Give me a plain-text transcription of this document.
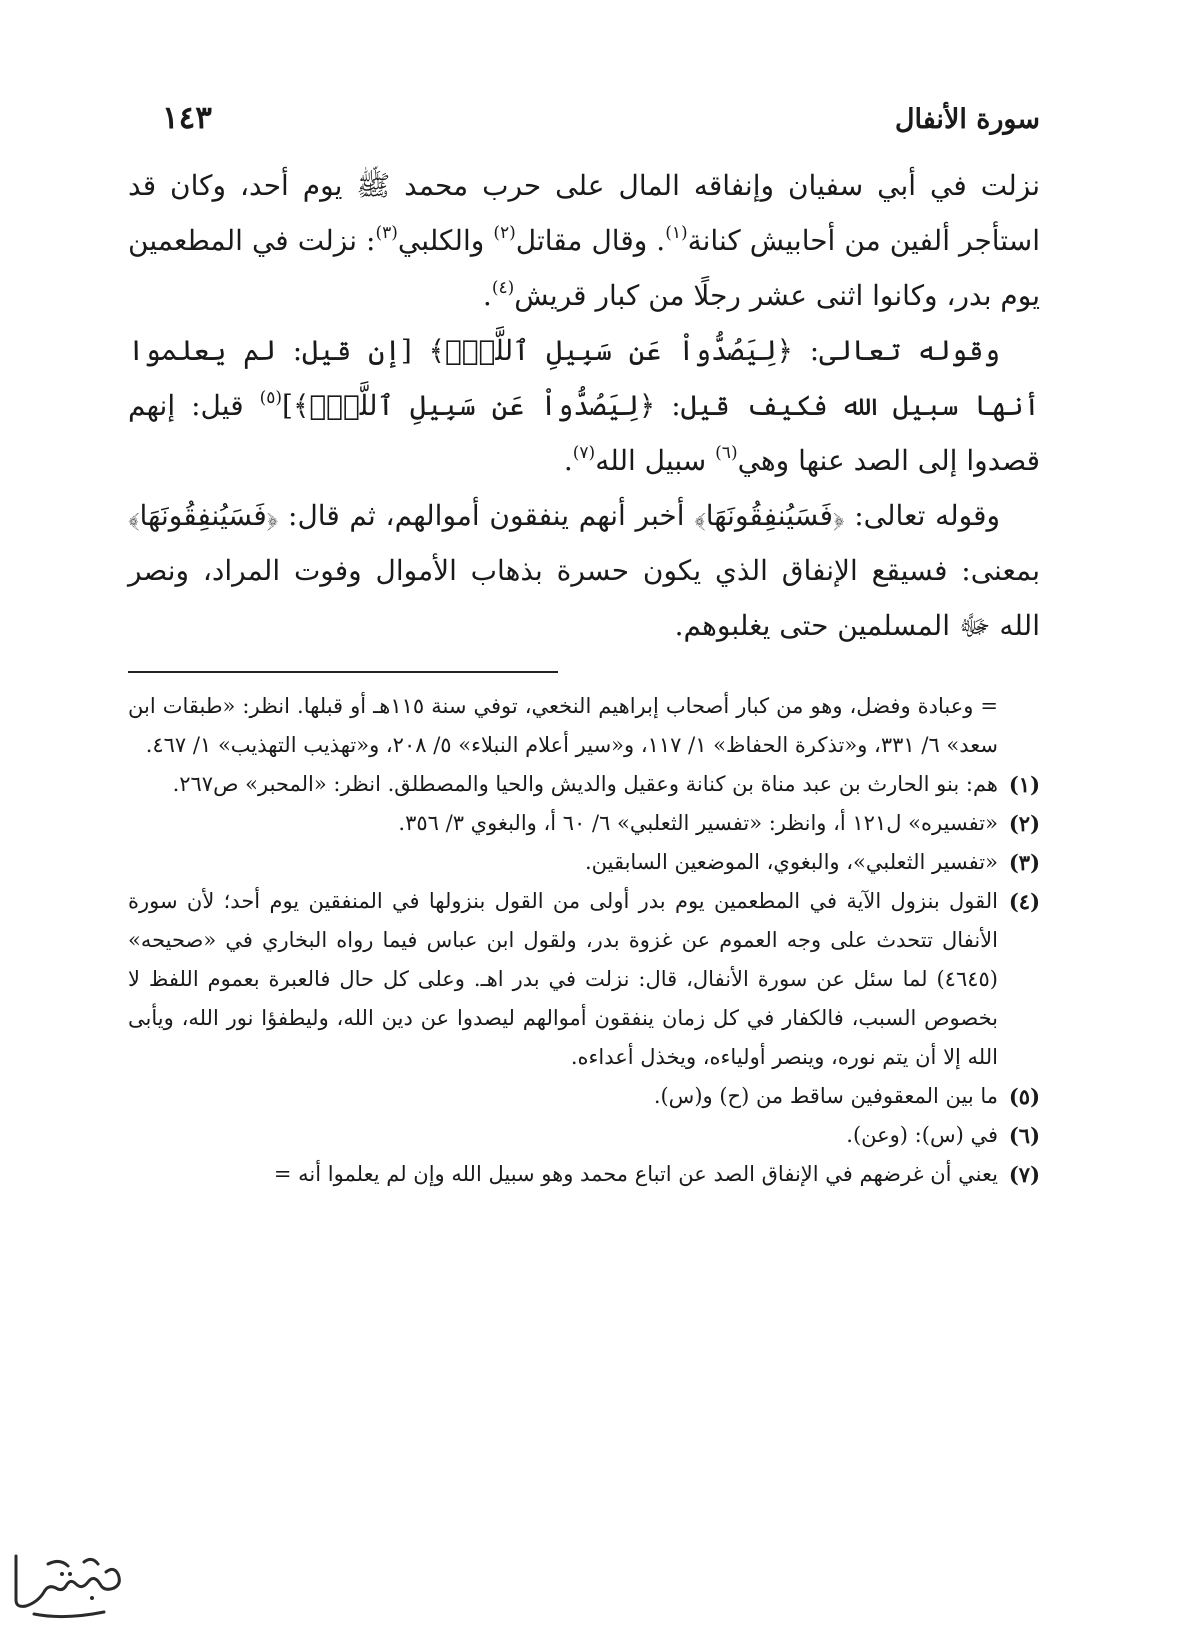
سورة الأنفال
١٤٣

نزلت في أبي سفيان وإنفاقه المال على حرب محمد ﷺ يوم أحد، وكان قد استأجر ألفين من أحابيش كنانة$^{(١)}$. وقال مقاتل$^{(٢)}$ والكلبي$^{(٣)}$: نزلت في المطعمين يوم بدر، وكانوا اثنى عشر رجلًا من كبار قريش$^{(٤)}$.

وقوله تعالى: ﴿لِيَصُدُّواْ عَن سَبِيلِ ٱللَّهِۚ﴾ [إن قيل: لم يعلموا أنها سبيل الله فكيف قيل: ﴿لِيَصُدُّواْ عَن سَبِيلِ ٱللَّهِۚ﴾]$^{(٥)}$ قيل: إنهم قصدوا إلى الصد عنها وهي$^{(٦)}$ سبيل الله$^{(٧)}$.

وقوله تعالى: ﴿فَسَيُنفِقُونَهَا﴾ أخبر أنهم ينفقون أموالهم، ثم قال: ﴿فَسَيُنفِقُونَهَا﴾ بمعنى: فسيقع الإنفاق الذي يكون حسرة بذهاب الأموال وفوت المراد، ونصر الله ﷻ المسلمين حتى يغلبوهم.

= وعبادة وفضل، وهو من كبار أصحاب إبراهيم النخعي، توفي سنة ١١٥هـ أو قبلها. انظر: «طبقات ابن سعد» ٦/ ٣٣١، و«تذكرة الحفاظ» ١/ ١١٧، و«سير أعلام النبلاء» ٥/ ٢٠٨، و«تهذيب التهذيب» ١/ ٤٦٧.
(١)
هم: بنو الحارث بن عبد مناة بن كنانة وعقيل والديش والحيا والمصطلق. انظر: «المحبر» ص٢٦٧.
(٢)
«تفسيره» ل١٢١ أ، وانظر: «تفسير الثعلبي» ٦/ ٦٠ أ، والبغوي ٣/ ٣٥٦.
(٣)
«تفسير الثعلبي»، والبغوي، الموضعين السابقين.
(٤)
القول بنزول الآية في المطعمين يوم بدر أولى من القول بنزولها في المنفقين يوم أحد؛ لأن سورة الأنفال تتحدث على وجه العموم عن غزوة بدر، ولقول ابن عباس فيما رواه البخاري في «صحيحه» (٤٦٤٥) لما سئل عن سورة الأنفال، قال: نزلت في بدر اهـ. وعلى كل حال فالعبرة بعموم اللفظ لا بخصوص السبب، فالكفار في كل زمان ينفقون أموالهم ليصدوا عن دين الله، وليطفؤا نور الله، ويأبى الله إلا أن يتم نوره، وينصر أولياءه، ويخذل أعداءه.
(٥)
ما بين المعقوفين ساقط من (ح) و(س).
(٦)
في (س): (وعن).
(٧)
يعني أن غرضهم في الإنفاق الصد عن اتباع محمد وهو سبيل الله وإن لم يعلموا أنه =
